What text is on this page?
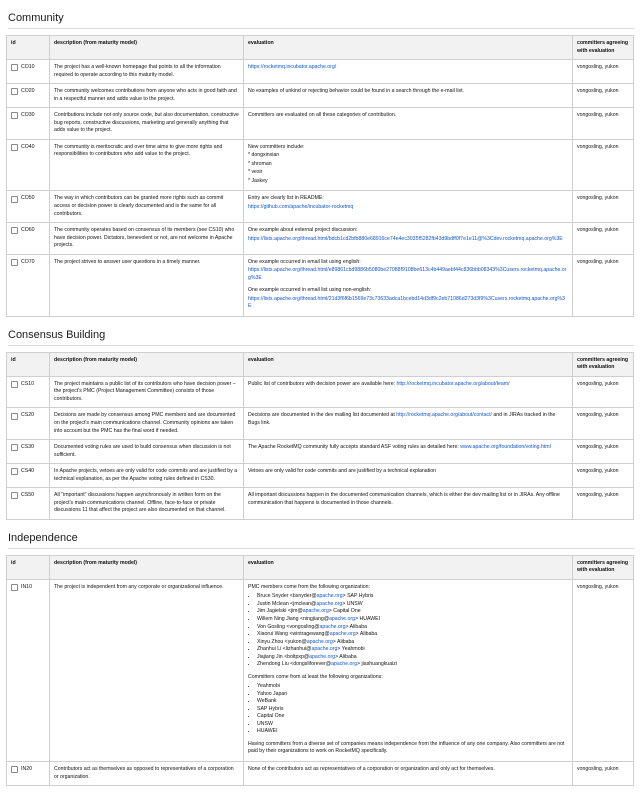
Community
id	description (from maturity model)	evaluation	committers agreeing with evaluation
CO10	The project has a well-known homepage that points to all the information required to operate according to this maturity model.	https://rocketmq.incubator.apache.org/	vongosling, yukon
CO20	The community welcomes contributions from anyone who acts in good faith and in a respectful manner and adds value to the project.	No examples of unkind or rejecting behavior could be found in a search through the e-mail list.	vongosling, yukon
CO30	Contributions include not only source code, but also documentation, constructive bug reports, constructive discussions, marketing and generally anything that adds value to the project.	Committers are evaluated on all these categories of contribution.	vongosling, yukon
CO40	The community is meritocratic and over time aims to give more rights and responsibilities to contributors who add value to the project.	New committers include:
* dongxinxian
* shroman
* vesir
* Jaskey	vongosling, yukon
CO50	The way in which contributors can be granted more rights such as commit access or decision power is clearly documented and is the same for all contributors.	Entry are clearly list in README:
https://github.com/apache/incubator-rocketmq	vongosling, yukon
CO60	The community operates based on consensus of its members (see CS10) who have decision power. Dictators, benevolent or not, are not welcome in Apache projects.	One example about external project discussion:
https://lists.apache.org/thread.html/bdcb1cd2bfb880e68916ce74e4ec3035f5282fb43d9bdff0f7e1e11@%3Cdev.rocketmq.apache.org%3E	vongosling, yukon
CO70	The project strives to answer user questions in a timely manner.	One example occurred in email list using english:
https://lists.apache.org/thread.html/e89861cbd9886b5080be27088f9108be613c4b449aebf44c836bbb08343%3Cusers.rocketmq.apache.org%3E
One example occurred in email list using non-english:
https://lists.apache.org/thread.html/21d3f6f6b1569e73c73633adca1bcebd14d3df9c2eb71086d273d3f9%3Cusers.rocketmq.apache.org%3E	vongosling, yukon
Consensus Building
id	description (from maturity model)	evaluation	committers agreeing with evaluation
CS10	The project maintains a public list of its contributors who have decision power – the project's PMC (Project Management Committee) consists of those contributors.	Public list of contributors with decision power are available here: http://rocketmq.incubator.apache.org/about/team/	vongosling, yukon
CS20	Decisions are made by consensus among PMC members and are documented on the project's main communications channel. Community opinions are taken into account but the PMC has the final word if needed.	Decisions are documented in the dev mailing list documented at http://rocketmq.apache.org/about/contact/ and in JIRAs tracked in the Bugs link.	vongosling, yukon
CS30	Documented voting rules are used to build consensus when discussion is not sufficient.	The Apache RocketMQ community fully accepts standard ASF voting rules as detailed here: www.apache.org/foundation/voting.html	vongosling, yukon
CS40	In Apache projects, vetoes are only valid for code commits and are justified by a technical explanation, as per the Apache voting rules defined in CS30.	Vetoes are only valid for code commits and are justified by a technical explanation	vongosling, yukon
CS50	All "important" discussions happen asynchronously in written form on the project's main communications channel. Offline, face-to-face or private discussions 11 that affect the project are also documented on that channel.	All important discussions happen in the documented communication channels, which is either the dev mailing list or in JIRAs. Any offline communication that happens is documented in those channels.	vongosling, yukon
Independence
id	description (from maturity model)	evaluation	committers agreeing with evaluation
IN10	The project is independent from any corporate or organizational influence.	PMC members come from the following organization:
• Bruce Snyder <bsnyder@apache.org> SAP Hybris
• Justin Mclean <jmclean@apache.org> UNSW
• Jim Jagielski <jim@apache.org> Capital One
• Willem Ning Jiang <ningjiang@apache.org> HUAWEI
• Von Gosling <vongosling@apache.org> Alibaba
• Xiaorui Wang <wintragewang@apache.org> Alibaba
• Xinyu Zhou <yukon@apache.org> Alibaba
• Zhanhui Li <lizhanhui@apache.org> Yeahmobi
• Jiajiang Jin <boltpxp@apache.org> Alibaba
• Zhendong Liu <dongsliforever@apache.org> jiashuangkuaizi
Committers come from at least the following organizations:
• Yeahmobi
• Yahoo Japan
• WeBank
• SAP Hybris
• Capital One
• UNSW
• HUAWEI
Having committers from a diverse set of companies means independence from the influence of any one company. Also committers are not paid by their organizations to work on RocketMQ specifically.
	vongosling, yukon
IN20	Contributors act as themselves as opposed to representatives of a corporation or organization.	None of the contributors act as representatives of a corporation or organization and only act for themselves.	vongosling, yukon
